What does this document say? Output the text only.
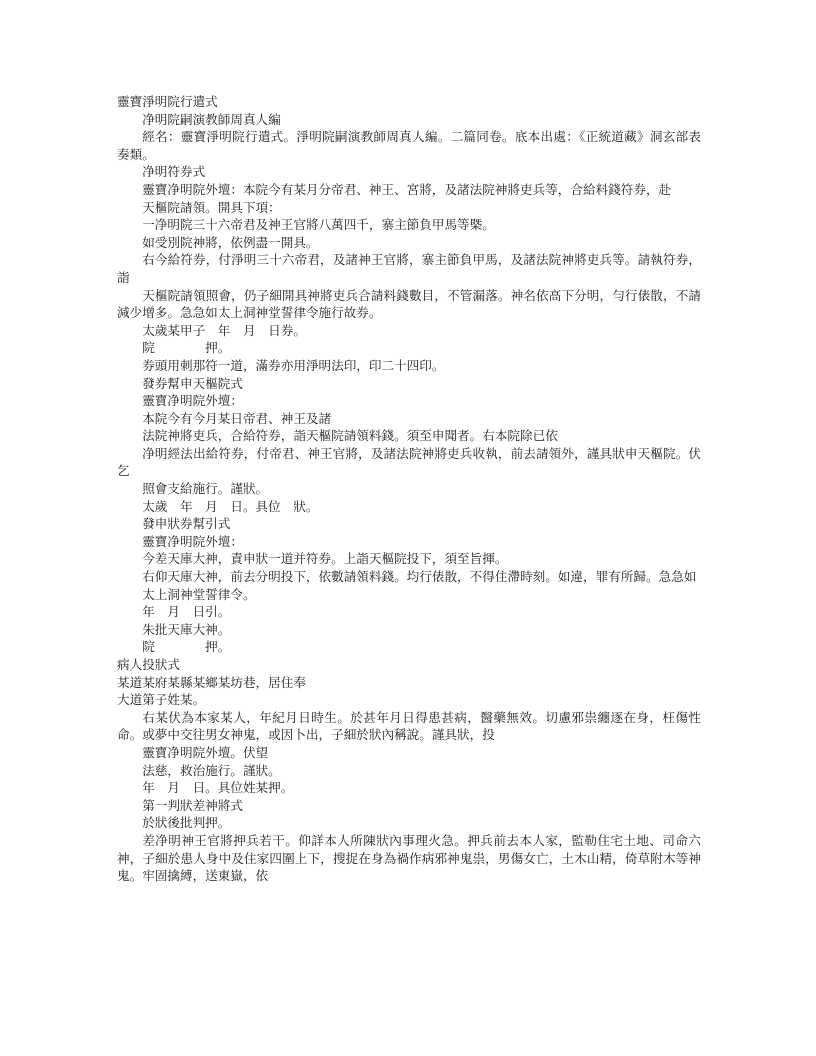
靈寶淨明院行遣式

净明院嗣演教師周真人編

經名：靈寶淨明院行遣式。淨明院嗣演教師周真人編。二篇同卷。底本出處：《正統道藏》洞玄部表奏類。

净明符券式

靈寶净明院外壇：本院今有某月分帝君、神王、宮將，及諸法院神將吏兵等，合給料錢符券，赴

天樞院請領。開具下項：

一净明院三十六帝君及神王官將八萬四千，寨主節負甲馬等槩。

如受別院神將，依例盡一開具。

右今給符券，付淨明三十六帝君，及諸神王官將，寨主節負甲馬，及諸法院神將吏兵等。請執符券，詣

天樞院請領照會，仍子細開具神將吏兵合請料錢數目，不管漏落。神名依高下分明，勻行俵散，不請減少增多。急急如太上洞神堂誓律令施行故券。

太歲某甲子　年　月　日券。

院　　　　押。

券頭用刺那符一道，滿券亦用淨明法印，印二十四印。

發券幫申天樞院式

靈寶净明院外壇：

本院今有今月某日帝君、神王及諸

法院神將吏兵，合給符券，詣天樞院請領料錢。須至申聞者。右本院除已依

净明經法出給符券，付帝君、神王官將，及諸法院神將吏兵收執，前去請領外，謹具狀申天樞院。伏乞

照會支給施行。謹狀。

太歲　年　月　日。具位　狀。

發申狀券幫引式

靈寶净明院外壇：

今差天庫大神，責申狀一道并符券。上詣天樞院投下，須至旨揮。

右仰天庫大神，前去分明投下，依數請領料錢。均行俵散，不得住滯時刻。如違，罪有所歸。急急如

太上洞神堂誓律令。

年　月　日引。

朱批天庫大神。

院　　　　押。

病人投狀式

某道某府某縣某鄉某坊巷，居住奉

大道第子姓某。

右某伏為本家某人，年紀月日時生。於甚年月日得患甚病，醫藥無效。切慮邪祟纏逐在身，枉傷性命。或夢中交往男女神鬼，或因卜出，子細於狀內稱說。謹具狀，投

靈寶净明院外壇。伏望

法慈，救治施行。謹狀。

年　月　日。具位姓某押。

第一判狀差神將式

於狀後批判押。

差净明神王官將押兵若干。仰詳本人所陳狀內事理火急。押兵前去本人家，監勒住宅土地、司命六神，子細於患人身中及住家四圍上下，搜捉在身為禍作病邪神鬼祟，男傷女亡，土木山精，倚草附木等神鬼。牢固擒縛，送東嶽，依
